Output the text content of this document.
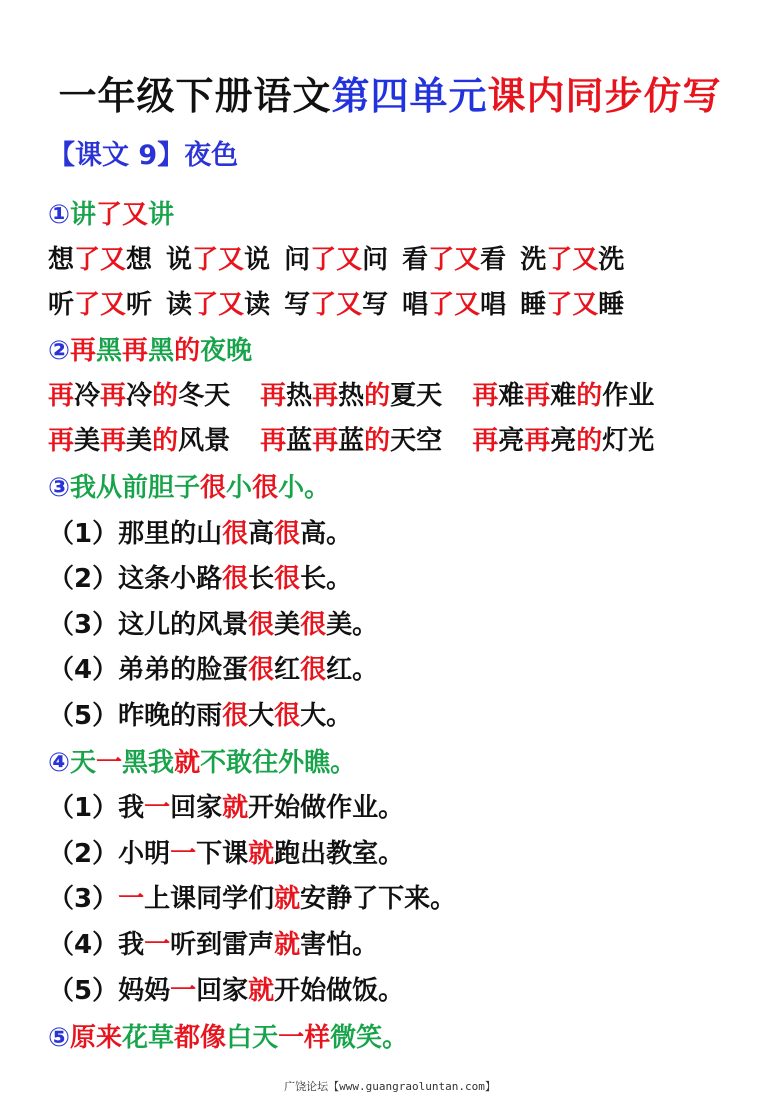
一年级下册语文第四单元课内同步仿写
【课文 9】夜色
①讲了又讲
想了又想 说了又说 问了又问 看了又看 洗了又洗
听了又听 读了又读 写了又写 唱了又唱 睡了又睡
②再黑再黑的夜晚
再冷再冷的冬天 再热再热的夏天 再难再难的作业
再美再美的风景 再蓝再蓝的天空 再亮再亮的灯光
③我从前胆子很小很小。
（1）那里的山很高很高。
（2）这条小路很长很长。
（3）这儿的风景很美很美。
（4）弟弟的脸蛋很红很红。
（5）昨晚的雨很大很大。
④天一黑我就不敢往外瞧。
（1）我一回家就开始做作业。
（2）小明一下课就跑出教室。
（3）一上课同学们就安静了下来。
（4）我一听到雷声就害怕。
（5）妈妈一回家就开始做饭。
⑤原来花草都像白天一样微笑。
广饶论坛【www.guangraoluntan.com】
